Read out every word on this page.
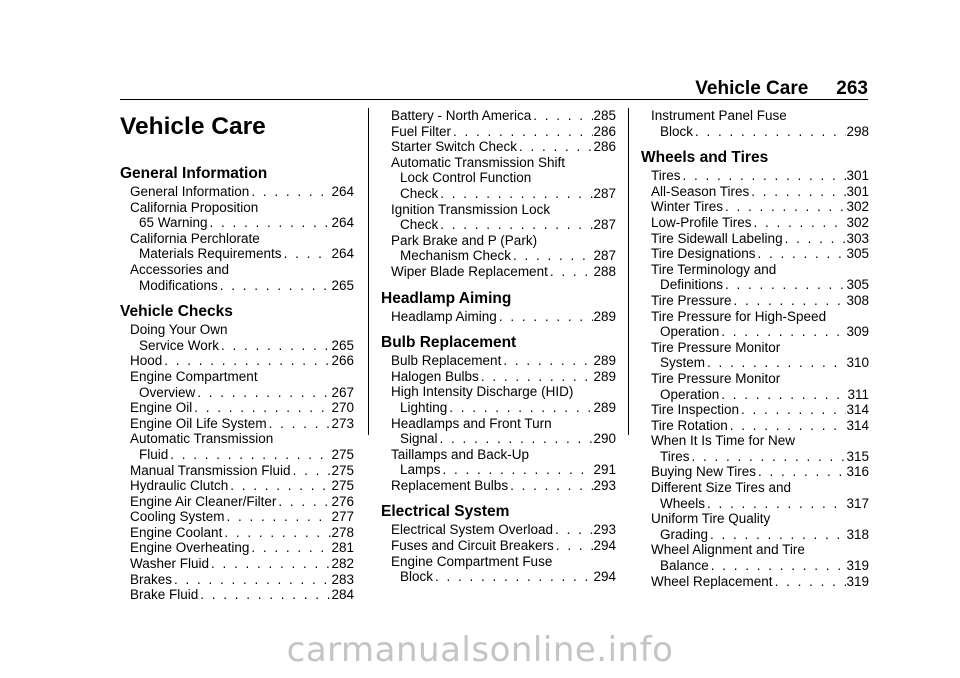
Vehicle Care 263
Vehicle Care
General Information
General Information . . .	264
California Proposition
65 Warning . . .	264
California Perchlorate
Materials Requirements . . .	264
Accessories and
Modifications . . .	265
Vehicle Checks
Doing Your Own
Service Work . . .	265
Hood . . .	266
Engine Compartment
Overview . . .	267
Engine Oil . . .	270
Engine Oil Life System . . .	273
Automatic Transmission
Fluid . . .	275
Manual Transmission Fluid . . .	275
Hydraulic Clutch . . .	275
Engine Air Cleaner/Filter . . .	276
Cooling System . . .	277
Engine Coolant . . .	278
Engine Overheating . . .	281
Washer Fluid . . .	282
Brakes . . .	283
Brake Fluid . . .	284
Battery - North America . . .	285
Fuel Filter . . .	286
Starter Switch Check . . .	286
Automatic Transmission Shift
Lock Control Function
Check . . .	287
Ignition Transmission Lock
Check . . .	287
Park Brake and P (Park)
Mechanism Check . . .	287
Wiper Blade Replacement . . .	288
Headlamp Aiming
Headlamp Aiming . . .	289
Bulb Replacement
Bulb Replacement . . .	289
Halogen Bulbs . . .	289
High Intensity Discharge (HID)
Lighting . . .	289
Headlamps and Front Turn
Signal . . .	290
Taillamps and Back-Up
Lamps . . .	291
Replacement Bulbs . . .	293
Electrical System
Electrical System Overload . . .	293
Fuses and Circuit Breakers . . .	294
Engine Compartment Fuse
Block . . .	294
Instrument Panel Fuse
Block . . .	298
Wheels and Tires
Tires . . .	301
All-Season Tires . . .	301
Winter Tires . . .	302
Low-Profile Tires . . .	302
Tire Sidewall Labeling . . .	303
Tire Designations . . .	305
Tire Terminology and
Definitions . . .	305
Tire Pressure . . .	308
Tire Pressure for High-Speed
Operation . . .	309
Tire Pressure Monitor
System . . .	310
Tire Pressure Monitor
Operation . . .	311
Tire Inspection . . .	314
Tire Rotation . . .	314
When It Is Time for New
Tires . . .	315
Buying New Tires . . .	316
Different Size Tires and
Wheels . . .	317
Uniform Tire Quality
Grading . . .	318
Wheel Alignment and Tire
Balance . . .	319
Wheel Replacement . . .	319
carmanualsonline.info
